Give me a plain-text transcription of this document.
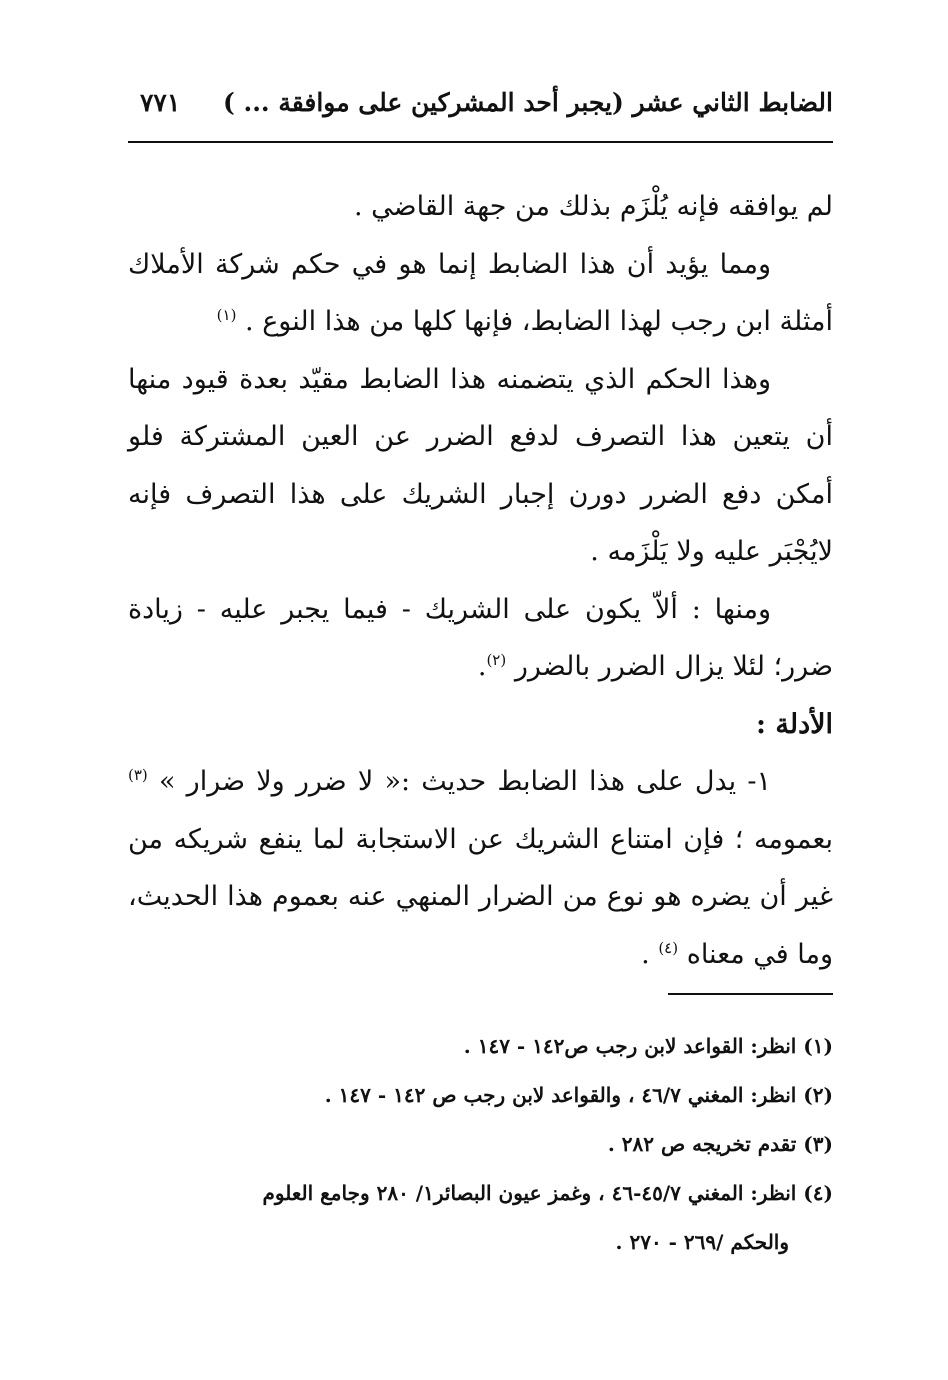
الضابط الثاني عشر (يجبر أحد المشركين على موافقة ... )
٧٧١

لم يوافقه فإنه يُلْزَم بذلك من جهة القاضي .

ومما يؤيد أن هذا الضابط إنما هو في حكم شركة الأملاك أمثلة ابن رجب لهذا الضابط، فإنها كلها من هذا النوع . $^{(١)}$

وهذا الحكم الذي يتضمنه هذا الضابط مقيّد بعدة قيود منها أن يتعين هذا التصرف لدفع الضرر عن العين المشتركة فلو أمكن دفع الضرر دورن إجبار الشريك على هذا التصرف فإنه لايُجْبَر عليه ولا يَلْزَمه .

ومنها : ألاّ يكون على الشريك - فيما يجبر عليه - زيادة ضرر؛ لئلا يزال الضرر بالضرر $^{(٢)}$.

الأدلة :

١- يدل على هذا الضابط حديث :« لا ضرر ولا ضرار » $^{(٣)}$ بعمومه ؛ فإن امتناع الشريك عن الاستجابة لما ينفع شريكه من غير أن يضره هو نوع من الضرار المنهي عنه بعموم هذا الحديث، وما في معناه $^{(٤)}$ .

(١) انظر: القواعد لابن رجب ص١٤٢ - ١٤٧ .

(٢) انظر: المغني ٤٦/٧ ، والقواعد لابن رجب ص ١٤٢ - ١٤٧ .

(٣) تقدم تخريجه ص ٢٨٢ .

(٤) انظر: المغني ٤٥/٧-٤٦ ، وغمز عيون البصائر١/ ٢٨٠ وجامع العلوم

والحكم /٢٦٩ - ٢٧٠ .
